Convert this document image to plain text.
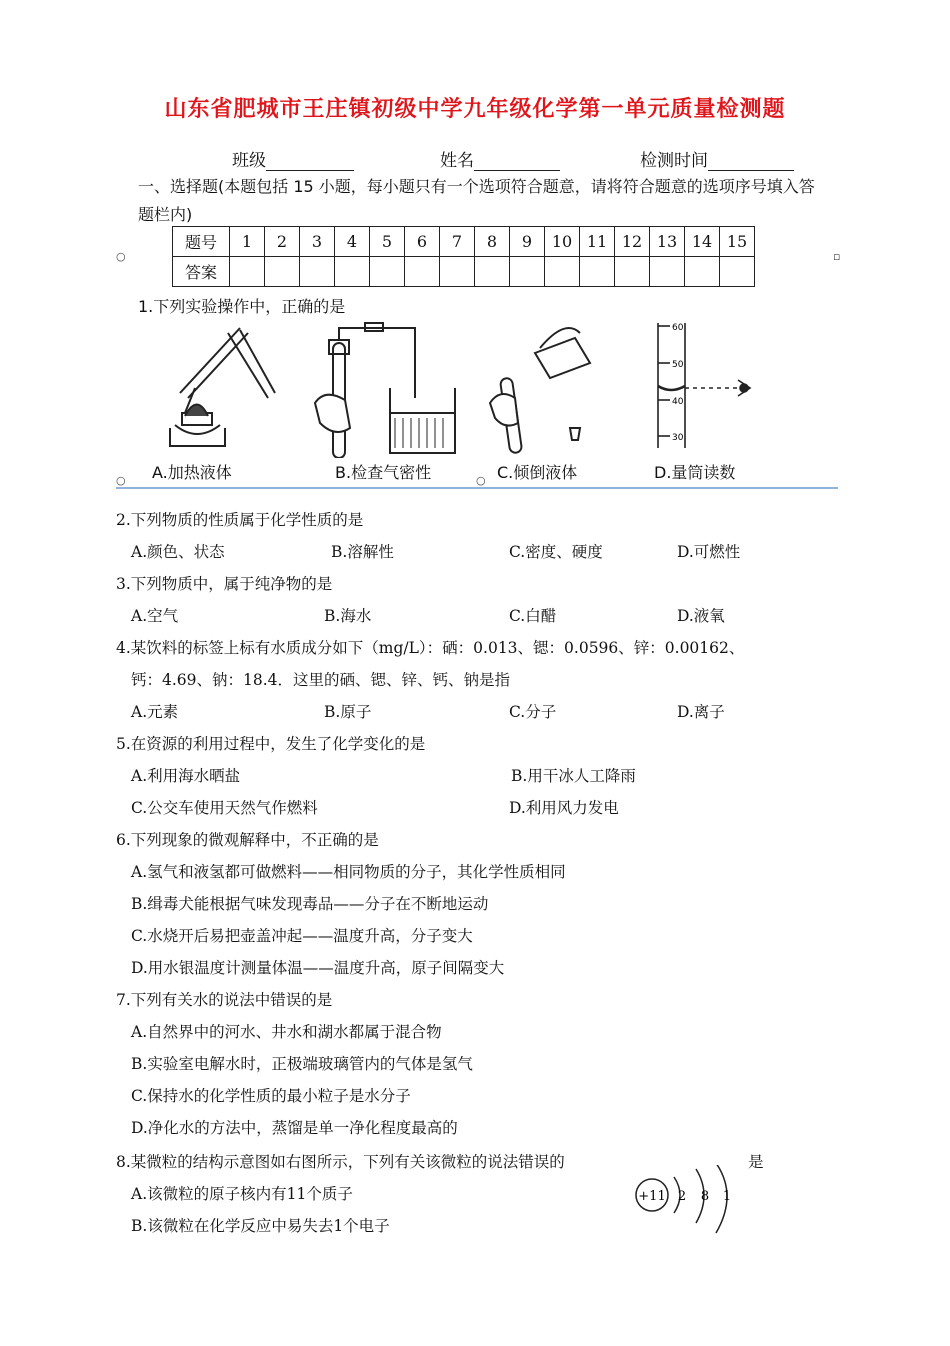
山东省肥城市王庄镇初级中学九年级化学第一单元质量检测题
班级	姓名	检测时间
一、选择题(本题包括 15 小题，每小题只有一个选项符合题意，请将符合题意的选项序号填入答题栏内)
○	▫
题号	1	2	3	4	5	6	7	8	9	10	11	12	13	14	15
答案															
1.下列实验操作中，正确的是
60
50
40
30
A.加热液体	B.检查气密性	C.倾倒液体	D.量筒读数
○	○
2.下列物质的性质属于化学性质的是
A.颜色、状态	B.溶解性	C.密度、硬度	D.可燃性
3.下列物质中，属于纯净物的是
A.空气	B.海水	C.白醋	D.液氧
4.某饮料的标签上标有水质成分如下（mg/L）：硒：0.013、锶：0.0596、锌：0.00162、
钙：4.69、钠：18.4．这里的硒、锶、锌、钙、钠是指
A.元素	B.原子	C.分子	D.离子
5.在资源的利用过程中，发生了化学变化的是
A.利用海水晒盐	B.用干冰人工降雨
C.公交车使用天然气作燃料	D.利用风力发电
6.下列现象的微观解释中，不正确的是
A.氢气和液氢都可做燃料——相同物质的分子，其化学性质相同
B.缉毒犬能根据气味发现毒品——分子在不断地运动
C.水烧开后易把壶盖冲起——温度升高，分子变大
D.用水银温度计测量体温——温度升高，原子间隔变大
7.下列有关水的说法中错误的是
A.自然界中的河水、井水和湖水都属于混合物
B.实验室电解水时，正极端玻璃管内的气体是氢气
C.保持水的化学性质的最小粒子是水分子
D.净化水的方法中，蒸馏是单一净化程度最高的
8.某微粒的结构示意图如右图所示，下列有关该微粒的说法错误的	是
A.该微粒的原子核内有11个质子
B.该微粒在化学反应中易失去1个电子
+11 2 8 1
